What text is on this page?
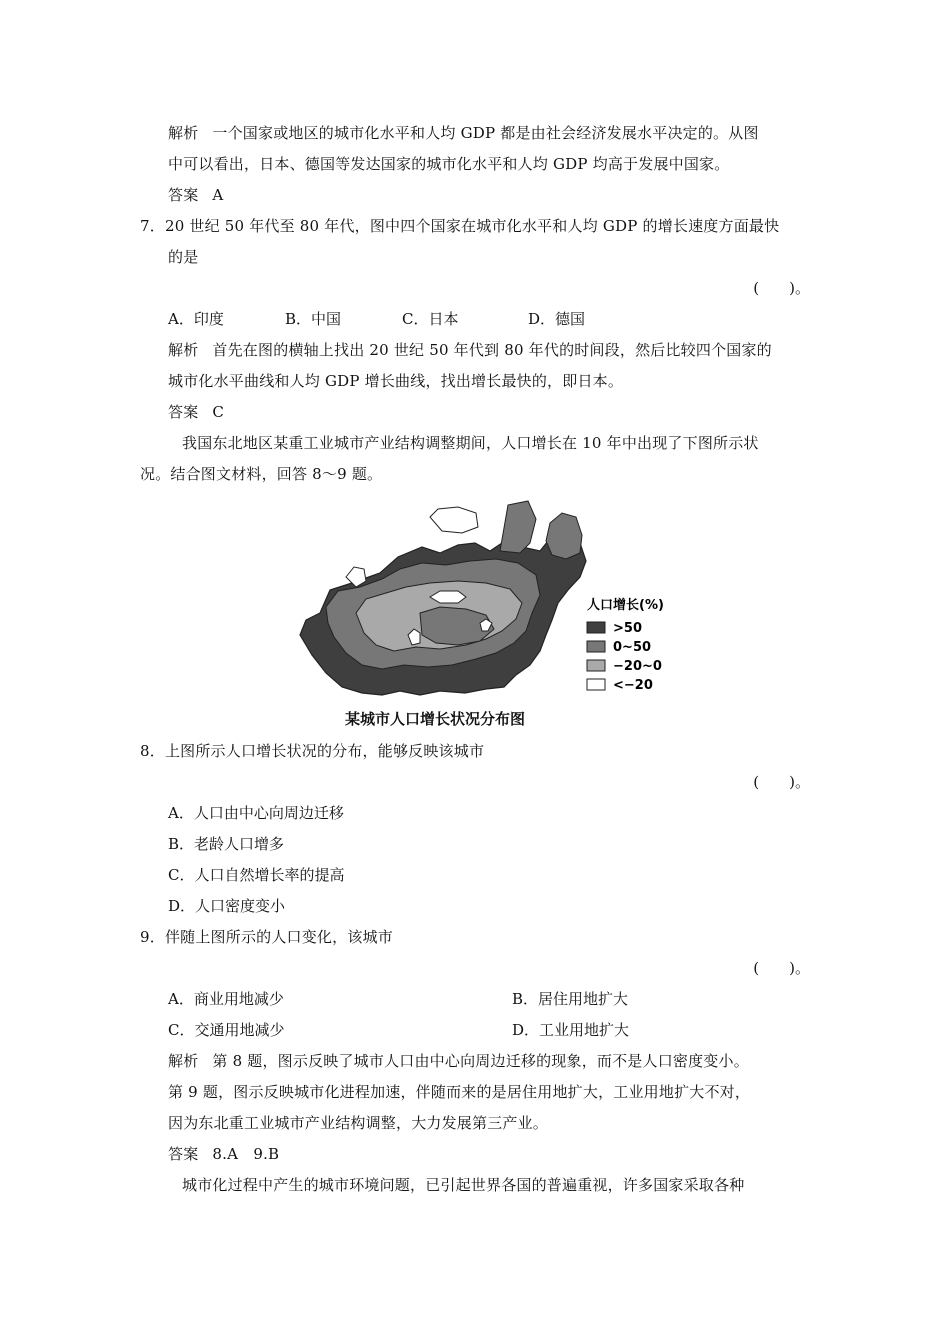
解析 一个国家或地区的城市化水平和人均 GDP 都是由社会经济发展水平决定的。从图
中可以看出，日本、德国等发达国家的城市化水平和人均 GDP 均高于发展中国家。
答案 A
7．20 世纪 50 年代至 80 年代，图中四个国家在城市化水平和人均 GDP 的增长速度方面最快
的是
(　　)。
A．印度	B．中国	C．日本	D．德国
解析 首先在图的横轴上找出 20 世纪 50 年代到 80 年代的时间段，然后比较四个国家的
城市化水平曲线和人均 GDP 增长曲线，找出增长最快的，即日本。
答案 C
我国东北地区某重工业城市产业结构调整期间，人口增长在 10 年中出现了下图所示状
况。结合图文材料，回答 8～9 题。
人口增长(%)
>50
0~50
−20~0
<−20
某城市人口增长状况分布图
8．上图所示人口增长状况的分布，能够反映该城市
(　　)。
A．人口由中心向周边迁移
B．老龄人口增多
C．人口自然增长率的提高
D．人口密度变小
9．伴随上图所示的人口变化，该城市
(　　)。
A．商业用地减少	B．居住用地扩大
C．交通用地减少	D．工业用地扩大
解析 第 8 题，图示反映了城市人口由中心向周边迁移的现象，而不是人口密度变小。
第 9 题，图示反映城市化进程加速，伴随而来的是居住用地扩大，工业用地扩大不对，
因为东北重工业城市产业结构调整，大力发展第三产业。
答案 8.A　9.B
城市化过程中产生的城市环境问题，已引起世界各国的普遍重视，许多国家采取各种
